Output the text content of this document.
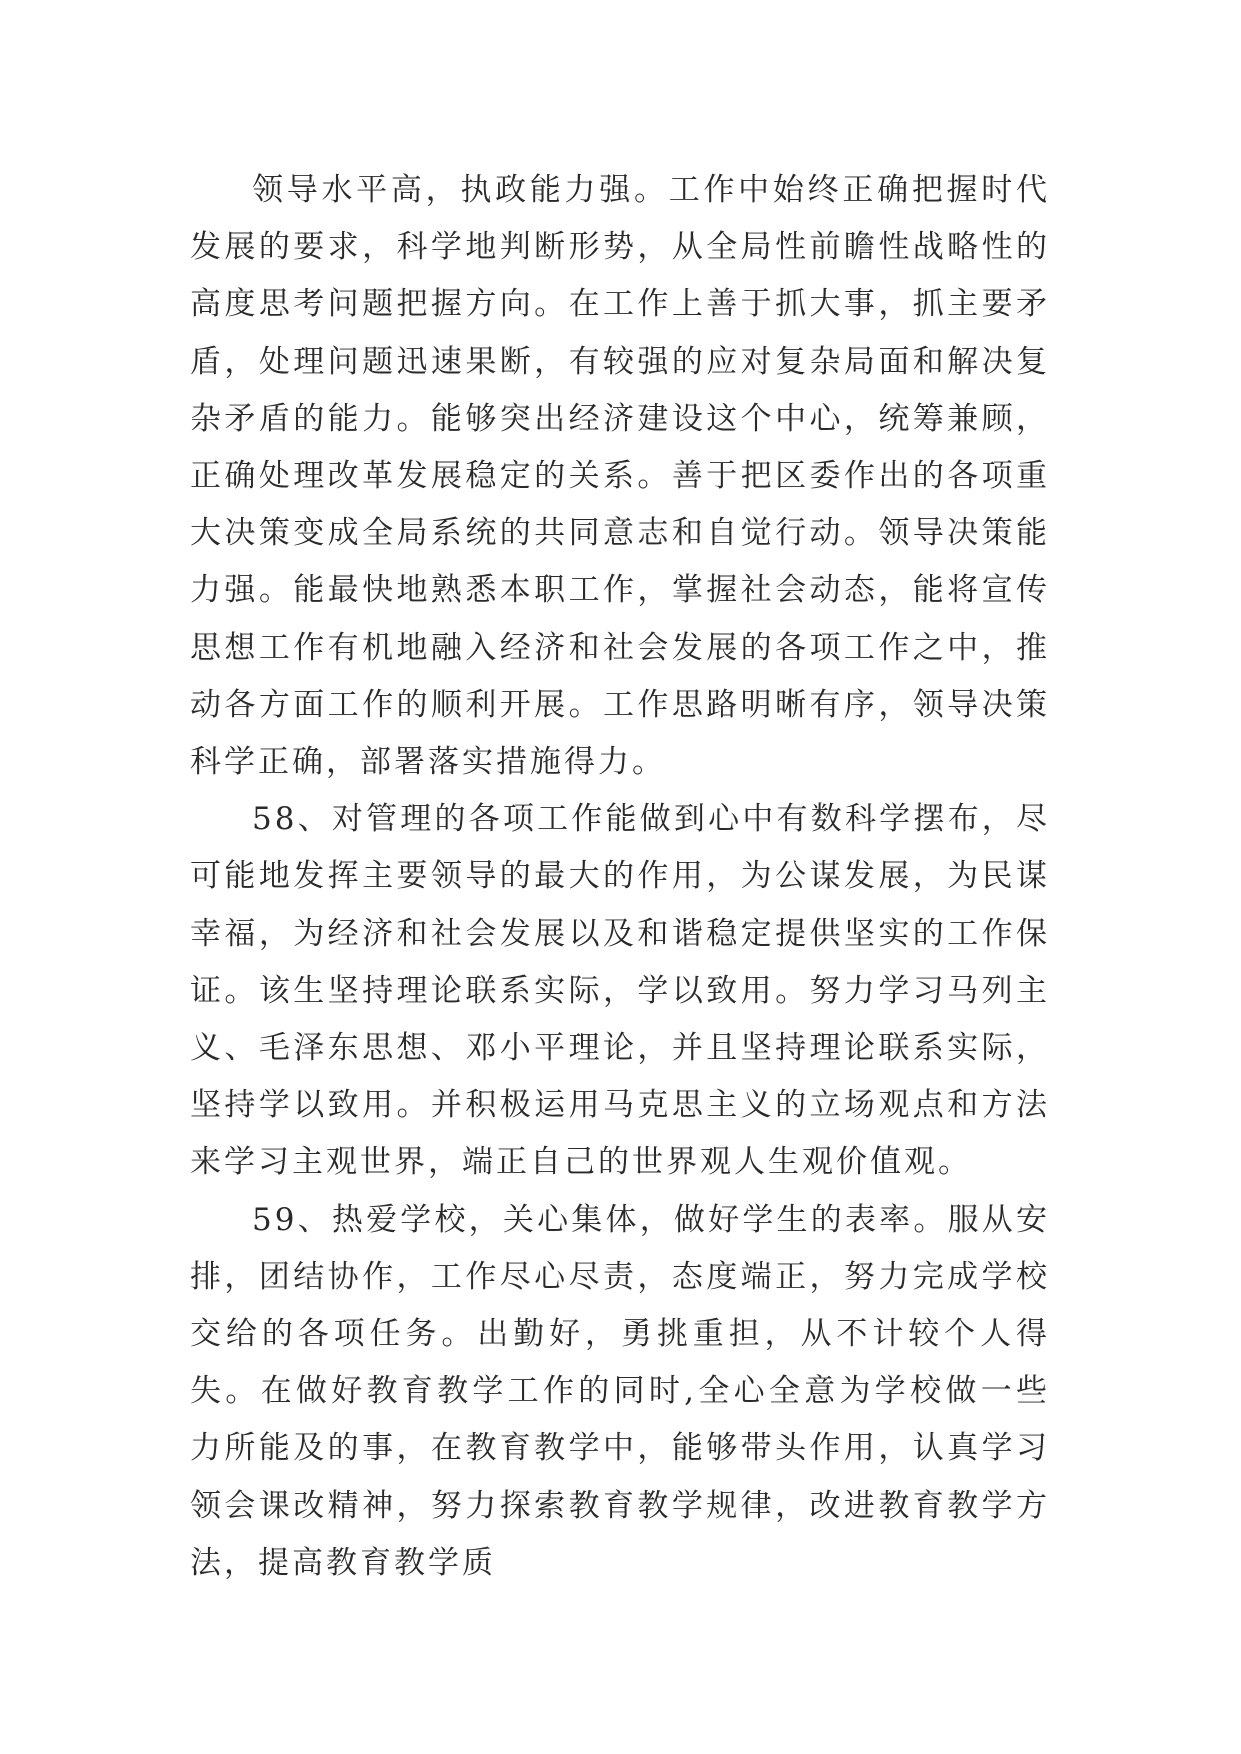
领导水平高，执政能力强。工作中始终正确把握时代发展的要求，科学地判断形势，从全局性前瞻性战略性的高度思考问题把握方向。在工作上善于抓大事，抓主要矛盾，处理问题迅速果断，有较强的应对复杂局面和解决复杂矛盾的能力。能够突出经济建设这个中心，统筹兼顾，正确处理改革发展稳定的关系。善于把区委作出的各项重大决策变成全局系统的共同意志和自觉行动。领导决策能力强。能最快地熟悉本职工作，掌握社会动态，能将宣传思想工作有机地融入经济和社会发展的各项工作之中，推动各方面工作的顺利开展。工作思路明晰有序，领导决策科学正确，部署落实措施得力。

58、对管理的各项工作能做到心中有数科学摆布，尽可能地发挥主要领导的最大的作用，为公谋发展，为民谋幸福，为经济和社会发展以及和谐稳定提供坚实的工作保证。该生坚持理论联系实际，学以致用。努力学习马列主义、毛泽东思想、邓小平理论，并且坚持理论联系实际，坚持学以致用。并积极运用马克思主义的立场观点和方法来学习主观世界，端正自己的世界观人生观价值观。

59、热爱学校，关心集体，做好学生的表率。服从安排，团结协作，工作尽心尽责，态度端正，努力完成学校交给的各项任务。出勤好，勇挑重担，从不计较个人得失。在做好教育教学工作的同时,全心全意为学校做一些力所能及的事，在教育教学中，能够带头作用，认真学习领会课改精神，努力探索教育教学规律，改进教育教学方法，提高教育教学质
